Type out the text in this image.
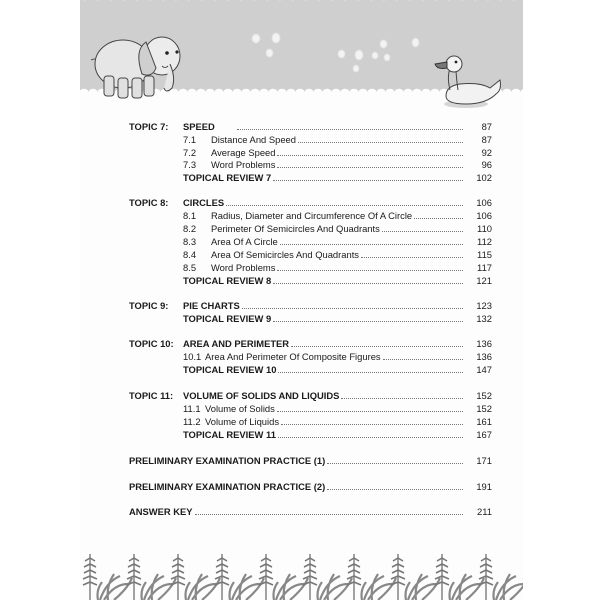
TOPIC 7: SPEED	87
7.1	Distance And Speed	87
7.2	Average Speed	92
7.3	Word Problems	96
TOPICAL REVIEW 7	102
TOPIC 8: CIRCLES	106
8.1	Radius, Diameter and Circumference Of A Circle	106
8.2	Perimeter Of Semicircles And Quadrants	110
8.3	Area Of A Circle	112
8.4	Area Of Semicircles And Quadrants	115
8.5	Word Problems	117
TOPICAL REVIEW 8	121
TOPIC 9: PIE CHARTS	123
TOPICAL REVIEW 9	132
TOPIC 10: AREA AND PERIMETER	136
10.1 Area And Perimeter Of Composite Figures	136
TOPICAL REVIEW 10	147
TOPIC 11: VOLUME OF SOLIDS AND LIQUIDS	152
11.1 Volume of Solids	152
11.2 Volume of Liquids	161
TOPICAL REVIEW 11	167
PRELIMINARY EXAMINATION PRACTICE (1)	171
PRELIMINARY EXAMINATION PRACTICE (2)	191
ANSWER KEY	211
